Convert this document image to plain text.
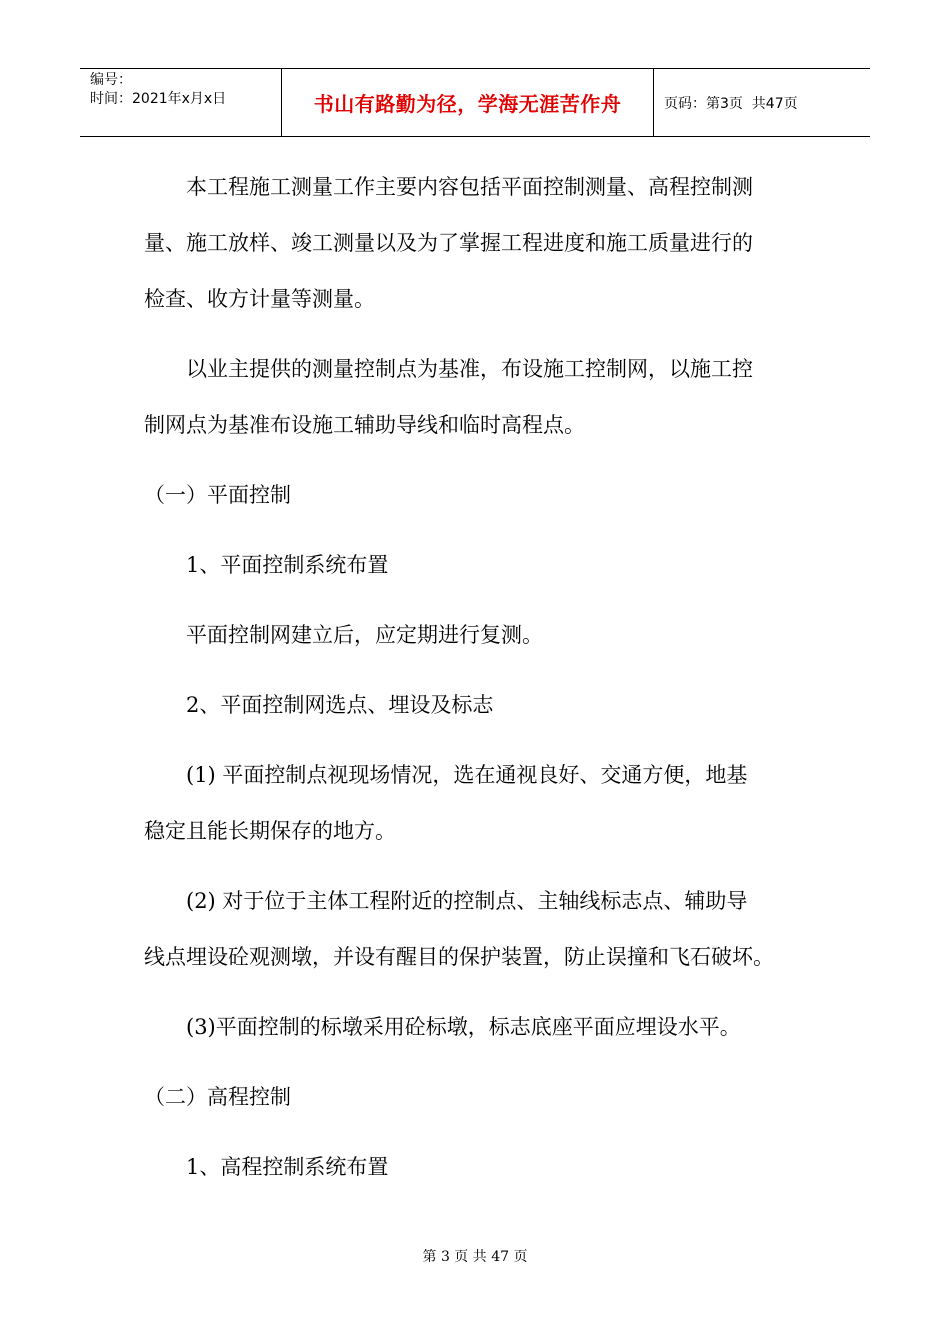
编号：
时间：2021年x月x日	书山有路勤为径，学海无涯苦作舟	页码：第3页  共47页

　　本工程施工测量工作主要内容包括平面控制测量、高程控制测

量、施工放样、竣工测量以及为了掌握工程进度和施工质量进行的

检查、收方计量等测量。

　　以业主提供的测量控制点为基准，布设施工控制网，以施工控

制网点为基准布设施工辅助导线和临时高程点。

（一）平面控制

　　1、平面控制系统布置

　　平面控制网建立后，应定期进行复测。

　　2、平面控制网选点、埋设及标志

　　(1) 平面控制点视现场情况，选在通视良好、交通方便，地基

稳定且能长期保存的地方。

　　(2) 对于位于主体工程附近的控制点、主轴线标志点、辅助导

线点埋设砼观测墩，并设有醒目的保护装置，防止误撞和飞石破坏。

　　(3)平面控制的标墩采用砼标墩，标志底座平面应埋设水平。

（二）高程控制

　　1、高程控制系统布置

第 3 页 共 47 页
